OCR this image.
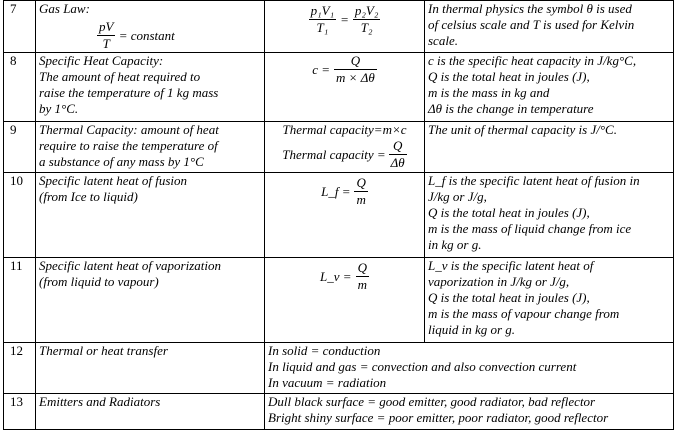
7	Gas Law:
$\frac{pV}{T}$ = constant	$\frac{\text{p₁V₁}}{\text{T₁}} = \frac{\text{p₂V₂}}{\text{T₂}}$	In thermal physics the symbol θ is used
of celsius scale and T is used for Kelvin
scale.

8	Specific Heat Capacity:
The amount of heat required to
raise the temperature of 1 kg mass
by 1°C.	$c = \frac{Q}{m \times \Delta\theta}$	c is the specific heat capacity in J/kg°C,
Q is the total heat in joules (J),
m is the mass in kg and
Δθ is the change in temperature

9	Thermal Capacity: amount of heat
require to raise the temperature of
a substance of any mass by 1°C	Thermal capacity=m×c
Thermal capacity = $\frac{Q}{\Delta\theta}$	The unit of thermal capacity is J/°C.

10	Specific latent heat of fusion
(from Ice to liquid)	L_f = $\frac{Q}{m}$	L_f is the specific latent heat of fusion in
J/kg or J/g,
Q is the total heat in joules (J),
m is the mass of liquid change from ice
in kg or g.

11	Specific latent heat of vaporization
(from liquid to vapour)	L_v = $\frac{Q}{m}$	L_v is the specific latent heat of
vaporization in J/kg or J/g,
Q is the total heat in joules (J),
m is the mass of vapour change from
liquid in kg or g.

12	Thermal or heat transfer	In solid = conduction
In liquid and gas = convection and also convection current
In vacuum = radiation	

13	Emitters and Radiators	Dull black surface = good emitter, good radiator, bad reflector
Bright shiny surface = poor emitter, poor radiator, good reflector	
